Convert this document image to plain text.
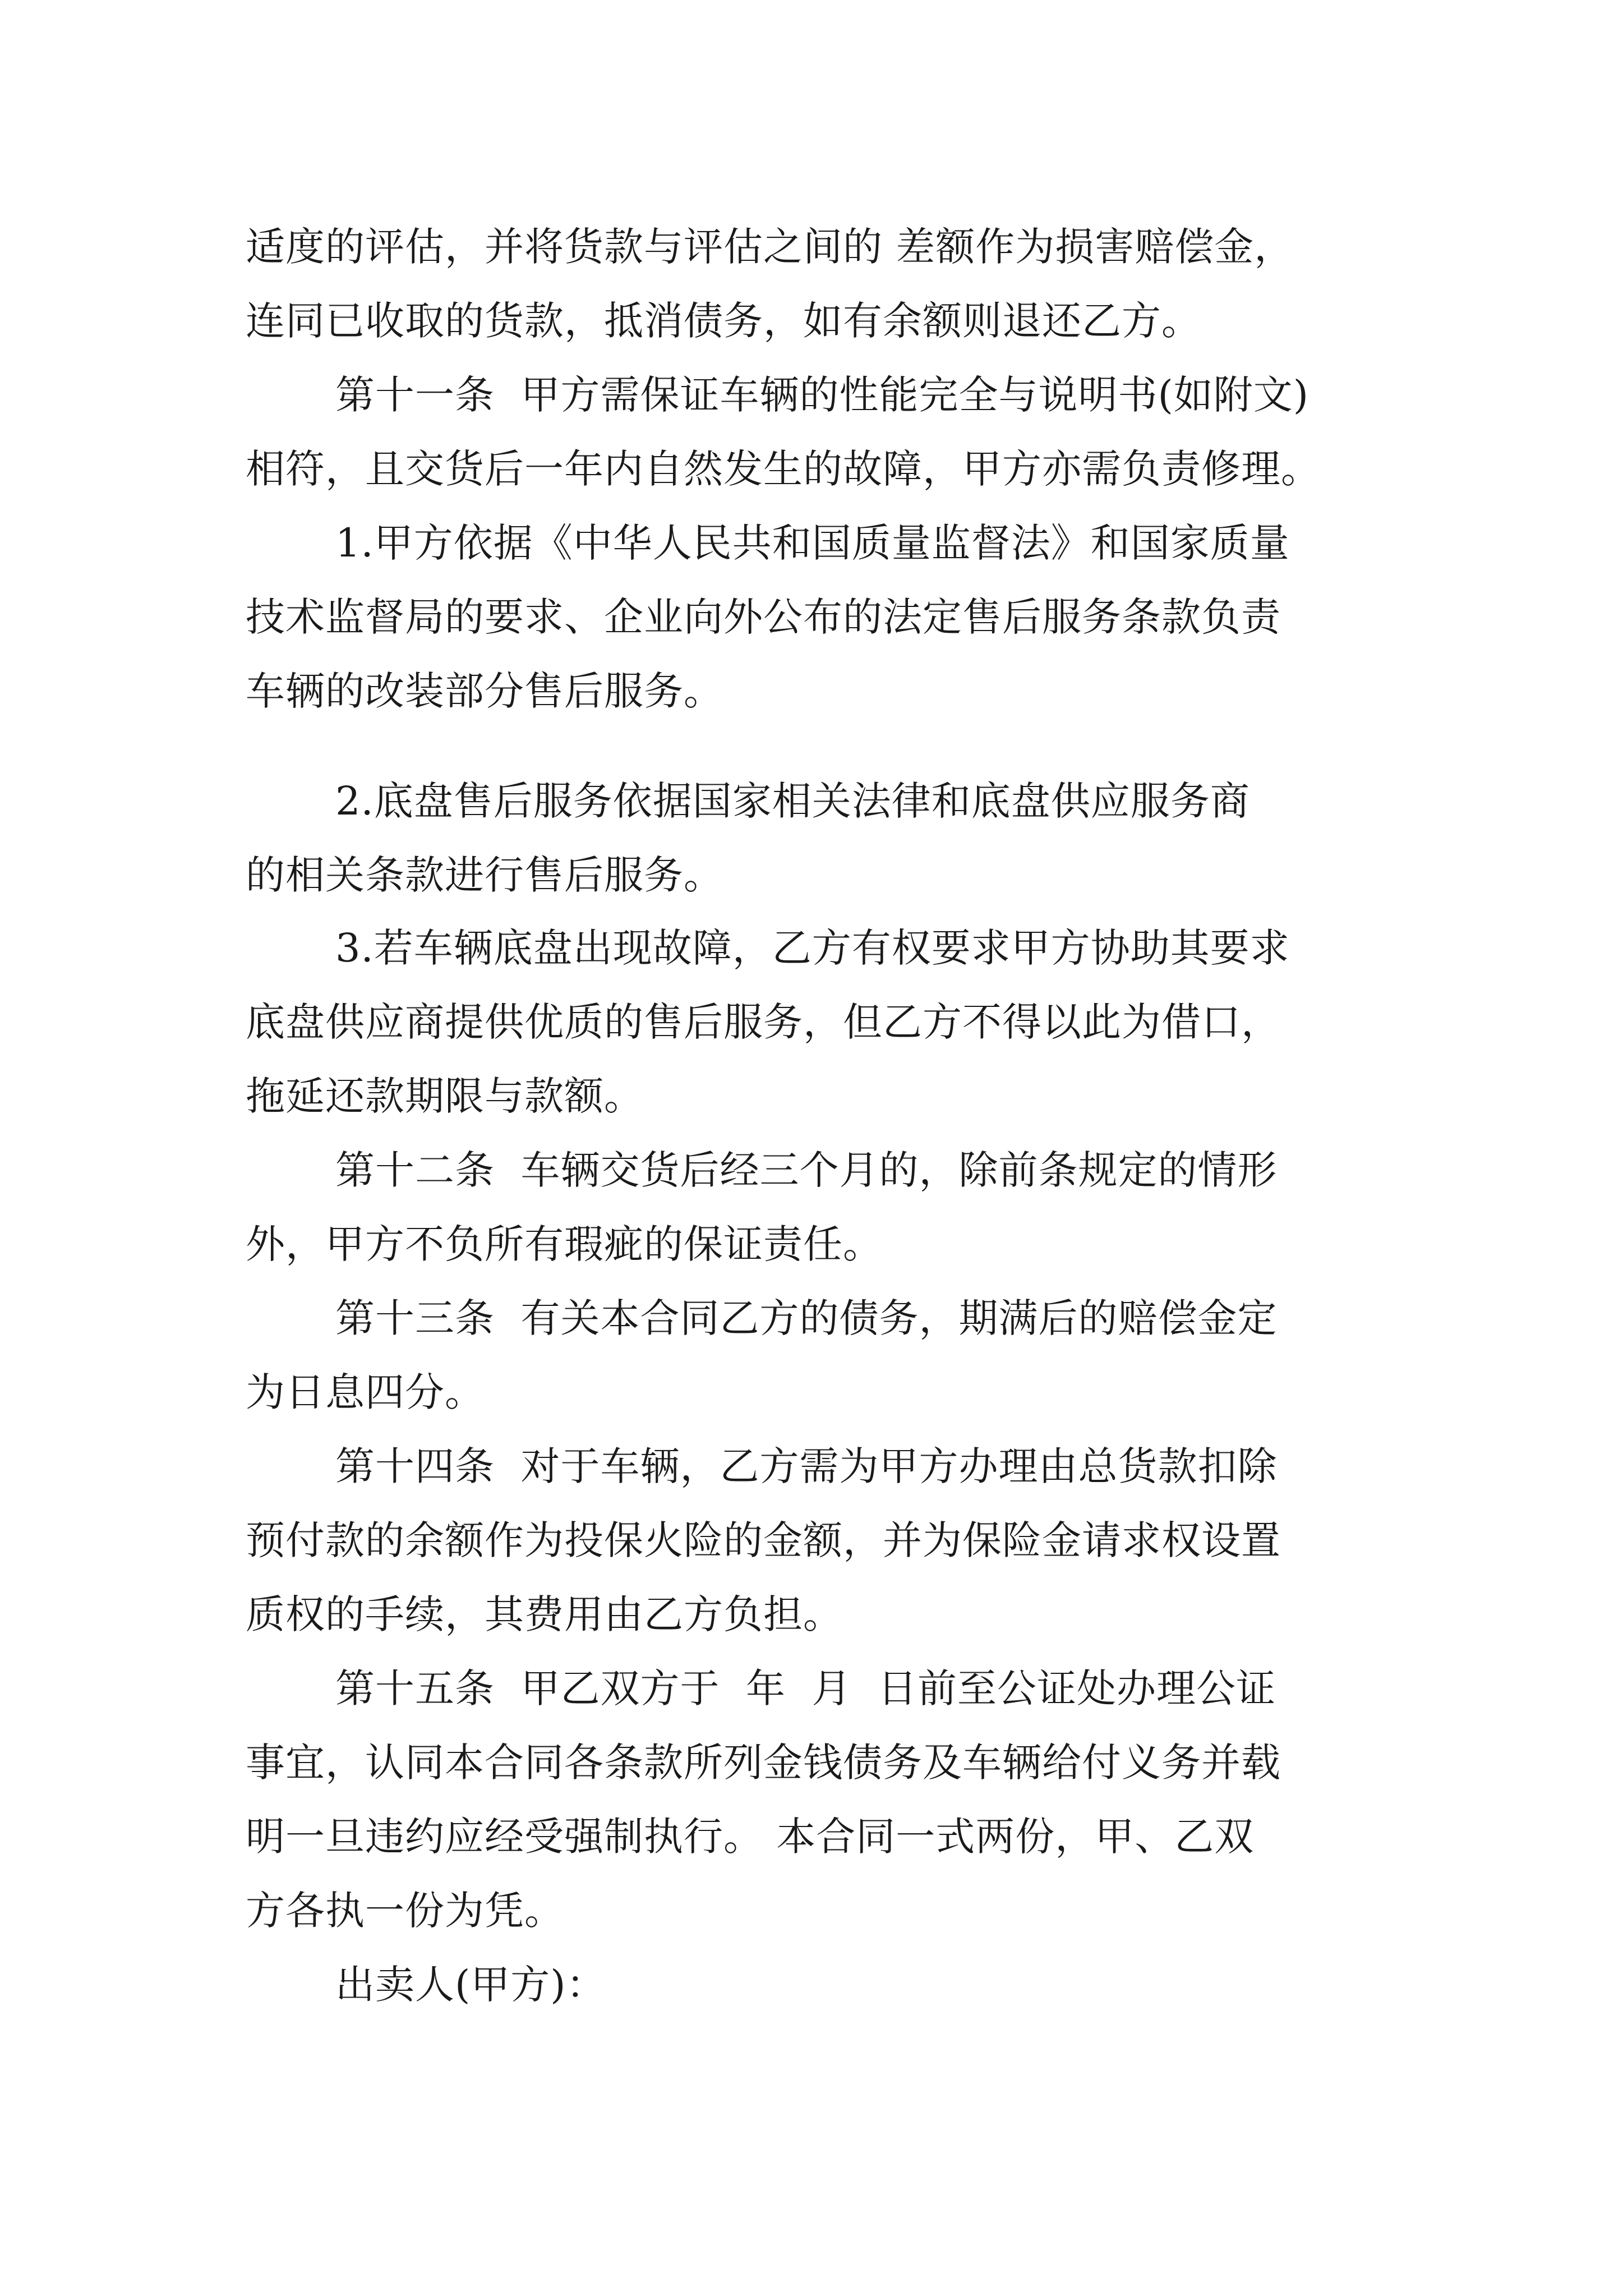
适度的评估，并将货款与评估之间的 差额作为损害赔偿金，
连同已收取的货款，抵消债务，如有余额则退还乙方。
第十一条  甲方需保证车辆的性能完全与说明书(如附文)
相符，且交货后一年内自然发生的故障，甲方亦需负责修理。
1.甲方依据《中华人民共和国质量监督法》和国家质量
技术监督局的要求、企业向外公布的法定售后服务条款负责
车辆的改装部分售后服务。
2.底盘售后服务依据国家相关法律和底盘供应服务商
的相关条款进行售后服务。
3.若车辆底盘出现故障，乙方有权要求甲方协助其要求
底盘供应商提供优质的售后服务，但乙方不得以此为借口，
拖延还款期限与款额。
第十二条  车辆交货后经三个月的，除前条规定的情形
外，甲方不负所有瑕疵的保证责任。
第十三条  有关本合同乙方的债务，期满后的赔偿金定
为日息四分。
第十四条  对于车辆，乙方需为甲方办理由总货款扣除
预付款的余额作为投保火险的金额，并为保险金请求权设置
质权的手续，其费用由乙方负担。
第十五条  甲乙双方于  年  月  日前至公证处办理公证
事宜，认同本合同各条款所列金钱债务及车辆给付义务并载
明一旦违约应经受强制执行。 本合同一式两份，甲、乙双
方各执一份为凭。
出卖人(甲方)：
